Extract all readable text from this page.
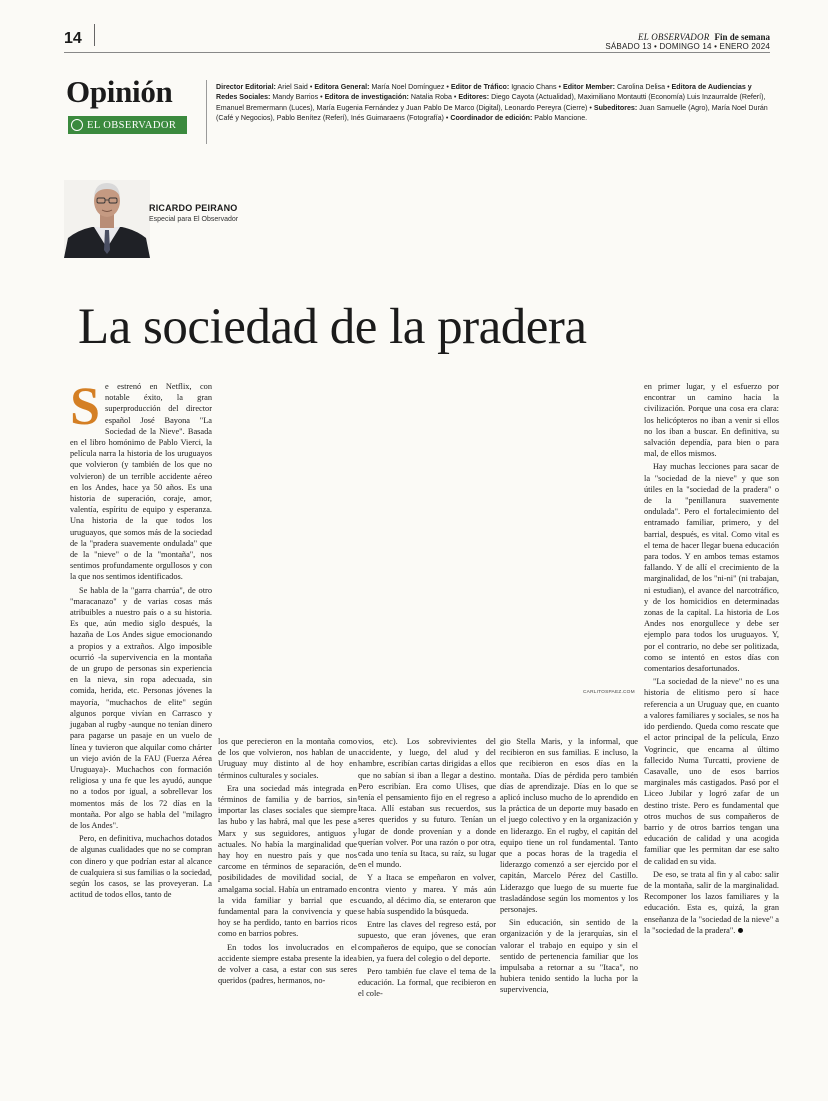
14	EL OBSERVADOR Fin de semana
SÁBADO 13 • DOMINGO 14 • ENERO 2024
Opinión
EL OBSERVADOR
Director Editorial: Ariel Said • Editora General: María Noel Domínguez • Editor de Tráfico: Ignacio Chans • Editor Member: Carolina Delisa • Editora de Audiencias y Redes Sociales: Mandy Barrios • Editora de investigación: Natalia Roba • Editores: Diego Cayota (Actualidad), Maximiliano Montautti (Economía) Luis Inzaurralde (Referí), Emanuel Bremermann (Luces), María Eugenia Fernández y Juan Pablo De Marco (Digital), Leonardo Pereyra (Cierre) • Subeditores: Juan Samuelle (Agro), María Noel Durán (Café y Negocios), Pablo Benítez (Referí), Inés Guimaraens (Fotografía) • Coordinador de edición: Pablo Mancione.
RICARDO PEIRANO
Especial para El Observador
La sociedad de la pradera
S e estrenó en Netflix, con notable éxito, la gran superproducción del director español José Bayona "La Sociedad de la Nieve". Basada en el libro homónimo de Pablo Vierci, la película narra la historia de los uruguayos que volvieron (y también de los que no volvieron) de un terrible accidente aéreo en los Andes, hace ya 50 años. Es una historia de superación, coraje, amor, valentía, espíritu de equipo y esperanza. Una historia de la que todos los uruguayos, que somos más de la sociedad de la "pradera suavemente ondulada" que de la "nieve" o de la "montaña", nos sentimos profundamente orgullosos y con la que nos sentimos identificados.

Se habla de la "garra charrúa", de otro "maracanazo" y de varias cosas más atribuibles a nuestro país o a su historia. Es que, aún medio siglo después, la hazaña de Los Andes sigue emocionando a propios y a extraños. Algo imposible ocurrió -la supervivencia en la montaña de un grupo de personas sin experiencia en la nieva, sin ropa adecuada, sin comida, herida, etc. Personas jóvenes la mayoría, "muchachos de elite" según algunos porque vivían en Carrasco y jugaban al rugby -aunque no tenían dinero para pagarse un pasaje en un vuelo de línea y tuvieron que alquilar como chárter un viejo avión de la FAU (Fuerza Aérea Uruguaya)-. Muchachos con formación religiosa y una fe que les ayudó, aunque no a todos por igual, a sobrellevar los momentos más de los 72 días en la montaña. Por algo se habla del "milagro de los Andes".

Pero, en definitiva, muchachos dotados de algunas cualidades que no se compran con dinero y que podrían estar al alcance de cualquiera si sus familias o la sociedad, según los casos, se las proveyeran. La actitud de todos ellos, tanto de

los que perecieron en la montaña como de los que volvieron, nos hablan de un Uruguay muy distinto al de hoy en términos culturales y sociales.

Era una sociedad más integrada en términos de familia y de barrios, sin importar las clases sociales que siempre las hubo y las habrá, mal que les pese a Marx y sus seguidores, antiguos y actuales. No había la marginalidad que hay hoy en nuestro país y que nos carcome en términos de separación, de posibilidades de movilidad social, de amalgama social. Había un entramado en la vida familiar y barrial que es fundamental para la convivencia y que hoy se ha perdido, tanto en barrios ricos como en barrios pobres.

En todos los involucrados en el accidente siempre estaba presente la idea de volver a casa, a estar con sus seres queridos (padres, hermanos, no-

vios, etc). Los sobrevivientes del accidente, y luego, del alud y del hambre, escribían cartas dirigidas a ellos que no sabían si iban a llegar a destino. Pero escribían. Era como Ulises, que tenía el pensamiento fijo en el regreso a Itaca. Allí estaban sus recuerdos, sus seres queridos y su futuro. Tenían un lugar de donde provenían y a donde querían volver. Por una razón o por otra, cada uno tenía su Itaca, su raíz, su lugar en el mundo.

Y a Itaca se empeñaron en volver, contra viento y marea. Y más aún cuando, al décimo día, se enteraron que se había suspendido la búsqueda.

Entre las claves del regreso está, por supuesto, que eran jóvenes, que eran compañeros de equipo, que se conocían bien, ya fuera del colegio o del deporte.

Pero también fue clave el tema de la educación. La formal, que recibieron en el cole-

gio Stella Maris, y la informal, que recibieron en sus familias. E incluso, la que recibieron en esos días en la montaña. Días de pérdida pero también días de aprendizaje. Días en lo que se aplicó incluso mucho de lo aprendido en la práctica de un deporte muy basado en el juego colectivo y en la organización y en liderazgo. En el rugby, el capitán del equipo tiene un rol fundamental. Tanto que a pocas horas de la tragedia el liderazgo comenzó a ser ejercido por el capitán, Marcelo Pérez del Castillo. Liderazgo que luego de su muerte fue trasladándose según los momentos y los personajes.

Sin educación, sin sentido de la organización y de la jerarquías, sin el valorar el trabajo en equipo y sin el sentido de pertenencia familiar que los impulsaba a retornar a su "Itaca", no hubiera tenido sentido la lucha por la supervivencia,

en primer lugar, y el esfuerzo por encontrar un camino hacia la civilización. Porque una cosa era clara: los helicópteros no iban a venir si ellos no los iban a buscar. En definitiva, su salvación dependía, para bien o para mal, de ellos mismos.

Hay muchas lecciones para sacar de la "sociedad de la nieve" y que son útiles en la "sociedad de la pradera" o de la "penillanura suavemente ondulada". Pero el fortalecimiento del entramado familiar, primero, y del barrial, después, es vital. Como vital es el tema de hacer llegar buena educación para todos. Y en ambos temas estamos fallando. Y de allí el crecimiento de la marginalidad, de los "ni-ni" (ni trabajan, ni estudian), el avance del narcotráfico, y de los homicidios en determinadas zonas de la capital. La historia de Los Andes nos enorgullece y debe ser ejemplo para todos los uruguayos. Y, por el contrario, no debe ser politizada, como se intentó en estos días con comentarios desafortunados.

"La sociedad de la nieve" no es una historia de elitismo pero sí hace referencia a un Uruguay que, en cuanto a valores familiares y sociales, se nos ha ido perdiendo. Queda como rescate que el actor principal de la película, Enzo Vogrincic, que encarna al último fallecido Numa Turcatti, proviene de Casavalle, uno de esos barrios marginales más castigados. Pasó por el Liceo Jubilar y logró zafar de un destino triste. Pero es fundamental que otros muchos de sus compañeros de barrio y de otros barrios tengan una educación de calidad y una acogida familiar que les permitan dar ese salto de calidad en su vida.

De eso, se trata al fin y al cabo: salir de la montaña, salir de la marginalidad. Recomponer los lazos familiares y la educación. Esta es, quizá, la gran enseñanza de la "sociedad de la nieve" a la "sociedad de la pradera".

CARLITOSPAEZ.COM
